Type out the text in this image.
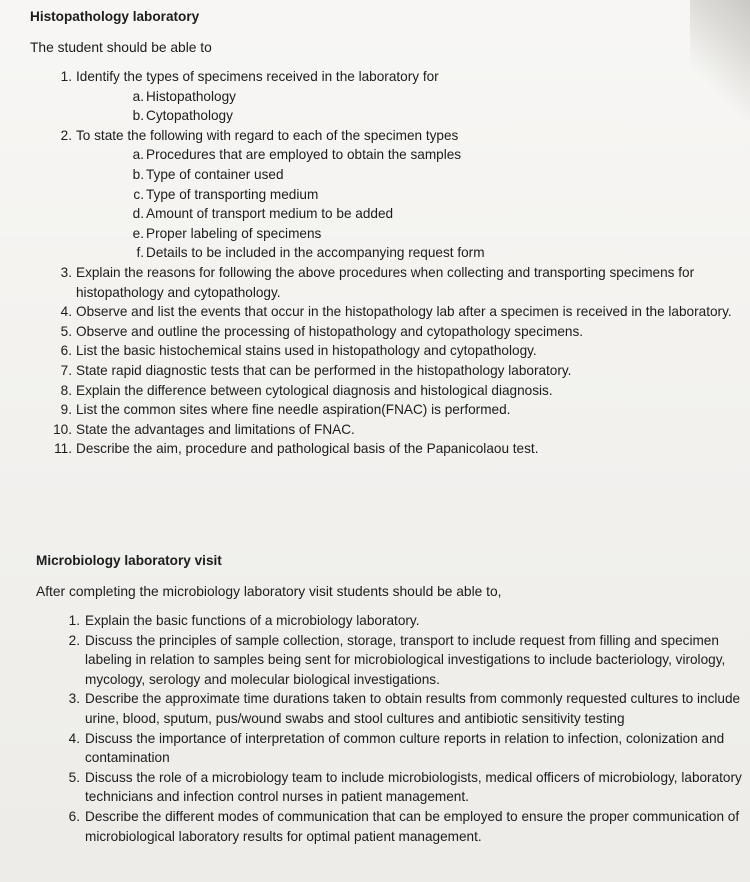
Histopathology laboratory
The student should be able to
1. Identify the types of specimens received in the laboratory for
a. Histopathology
b. Cytopathology
2. To state the following with regard to each of the specimen types
a. Procedures that are employed to obtain the samples
b. Type of container used
c. Type of transporting medium
d. Amount of transport medium to be added
e. Proper labeling of specimens
f. Details to be included in the accompanying request form
3. Explain the reasons for following the above procedures when collecting and transporting specimens for histopathology and cytopathology.
4. Observe and list the events that occur in the histopathology lab after a specimen is received in the laboratory.
5. Observe and outline the processing of histopathology and cytopathology specimens.
6. List the basic histochemical stains used in histopathology and cytopathology.
7. State rapid diagnostic tests that can be performed in the histopathology laboratory.
8. Explain the difference between cytological diagnosis and histological diagnosis.
9. List the common sites where fine needle aspiration(FNAC) is performed.
10. State the advantages and limitations of FNAC.
11. Describe the aim, procedure and pathological basis of the Papanicolaou test.
Microbiology laboratory visit
After completing the microbiology laboratory visit students should be able to,
1. Explain the basic functions of a microbiology laboratory.
2. Discuss the principles of sample collection, storage, transport to include request from filling and specimen labeling in relation to samples being sent for microbiological investigations to include bacteriology, virology, mycology, serology and molecular biological investigations.
3. Describe the approximate time durations taken to obtain results from commonly requested cultures to include urine, blood, sputum, pus/wound swabs and stool cultures and antibiotic sensitivity testing
4. Discuss the importance of interpretation of common culture reports in relation to infection, colonization and contamination
5. Discuss the role of a microbiology team to include microbiologists, medical officers of microbiology, laboratory technicians and infection control nurses in patient management.
6. Describe the different modes of communication that can be employed to ensure the proper communication of microbiological laboratory results for optimal patient management.
